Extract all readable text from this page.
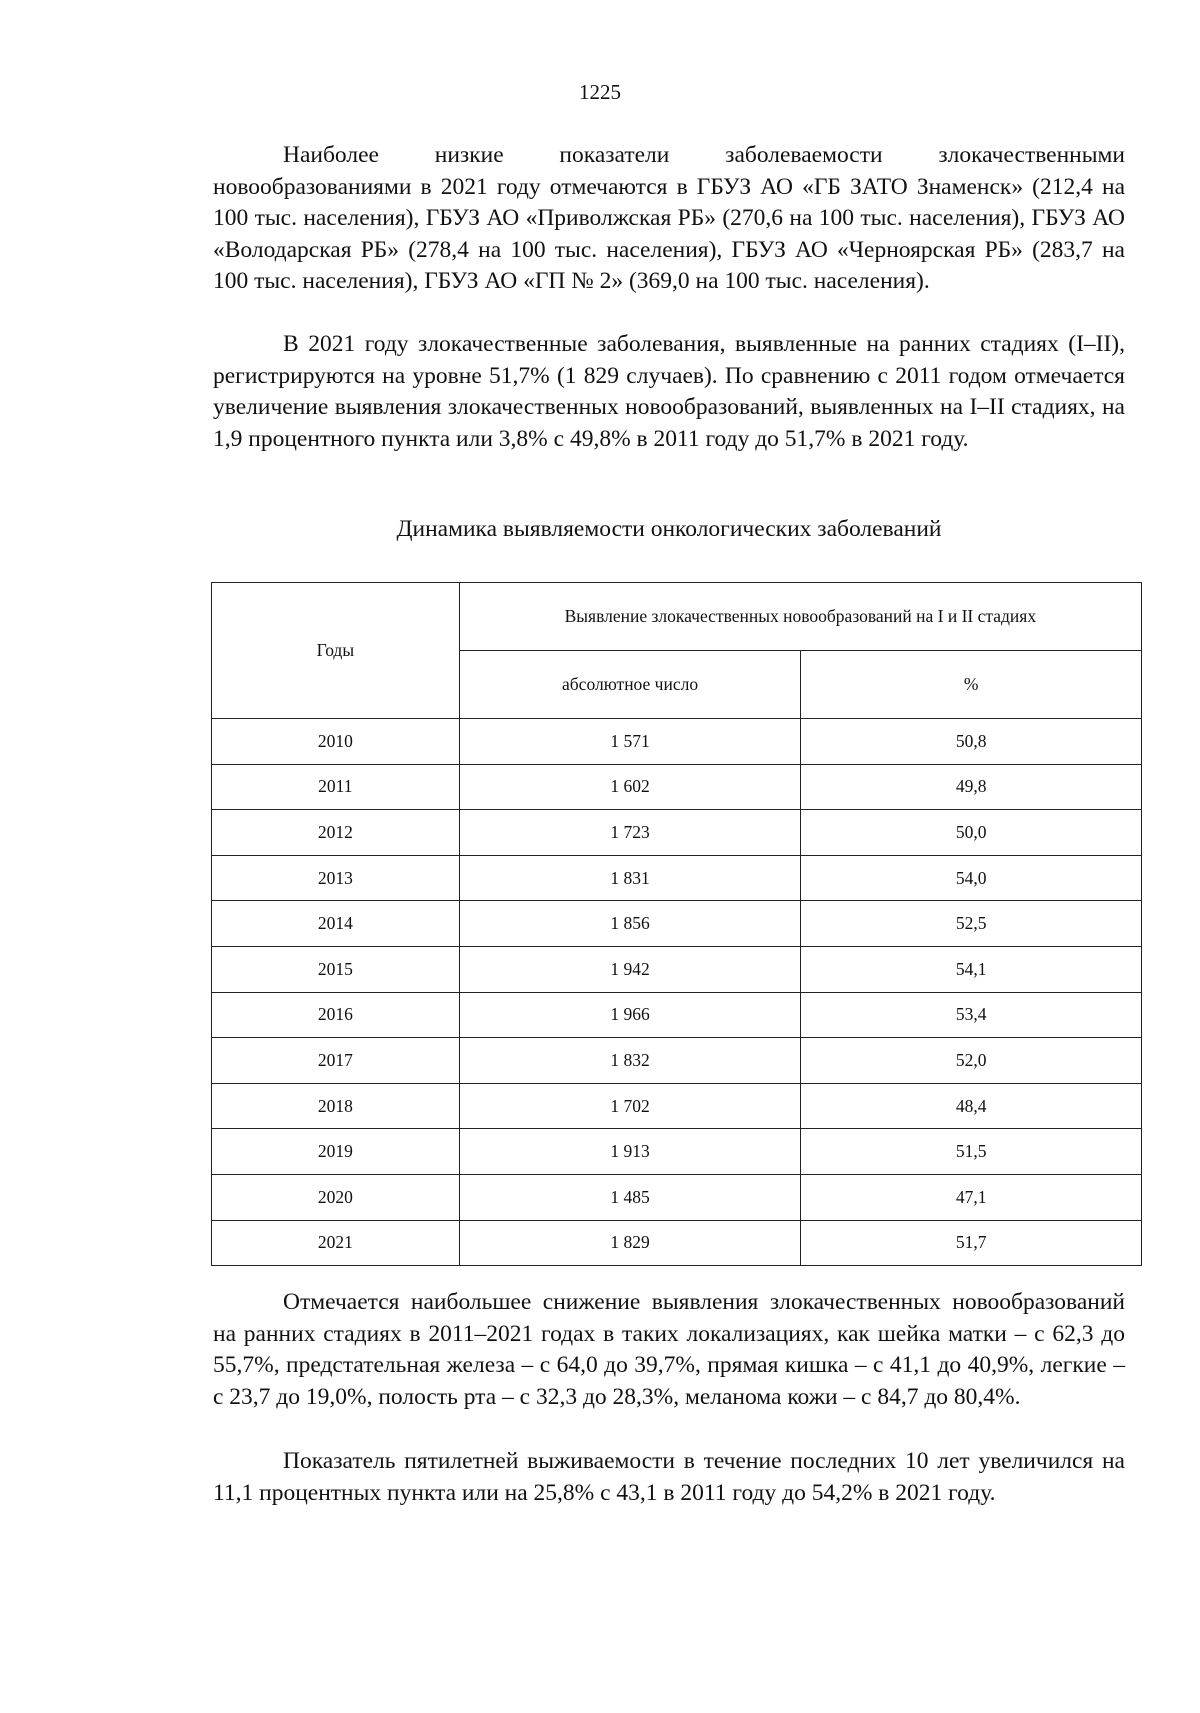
1225

Наиболее низкие показатели заболеваемости злокачественными новообразованиями в 2021 году отмечаются в ГБУЗ АО «ГБ ЗАТО Знаменск» (212,4 на 100 тыс. населения), ГБУЗ АО «Приволжская РБ» (270,6 на 100 тыс. населения), ГБУЗ АО «Володарская РБ» (278,4 на 100 тыс. населения), ГБУЗ АО «Черноярская РБ» (283,7 на 100 тыс. населения), ГБУЗ АО «ГП № 2» (369,0 на 100 тыс. населения).

В 2021 году злокачественные заболевания, выявленные на ранних стадиях (I–II), регистрируются на уровне 51,7% (1 829 случаев). По сравнению с 2011 годом отмечается увеличение выявления злокачественных новообразований, выявленных на I–II стадиях, на 1,9 процентного пункта или 3,8% с 49,8% в 2011 году до 51,7% в 2021 году.

Динамика выявляемости онкологических заболеваний
Годы	Выявление злокачественных новообразований на I и II стадиях	
	абсолютное число	%
2010	1 571	50,8
2011	1 602	49,8
2012	1 723	50,0
2013	1 831	54,0
2014	1 856	52,5
2015	1 942	54,1
2016	1 966	53,4
2017	1 832	52,0
2018	1 702	48,4
2019	1 913	51,5
2020	1 485	47,1
2021	1 829	51,7

Отмечается наибольшее снижение выявления злокачественных новообразований на ранних стадиях в 2011–2021 годах в таких локализациях, как шейка матки – с 62,3 до 55,7%, предстательная железа – с 64,0 до 39,7%, прямая кишка – с 41,1 до 40,9%, легкие – с 23,7 до 19,0%, полость рта – с 32,3 до 28,3%, меланома кожи – с 84,7 до 80,4%.

Показатель пятилетней выживаемости в течение последних 10 лет увеличился на 11,1 процентных пункта или на 25,8% с 43,1 в 2011 году до 54,2% в 2021 году.
